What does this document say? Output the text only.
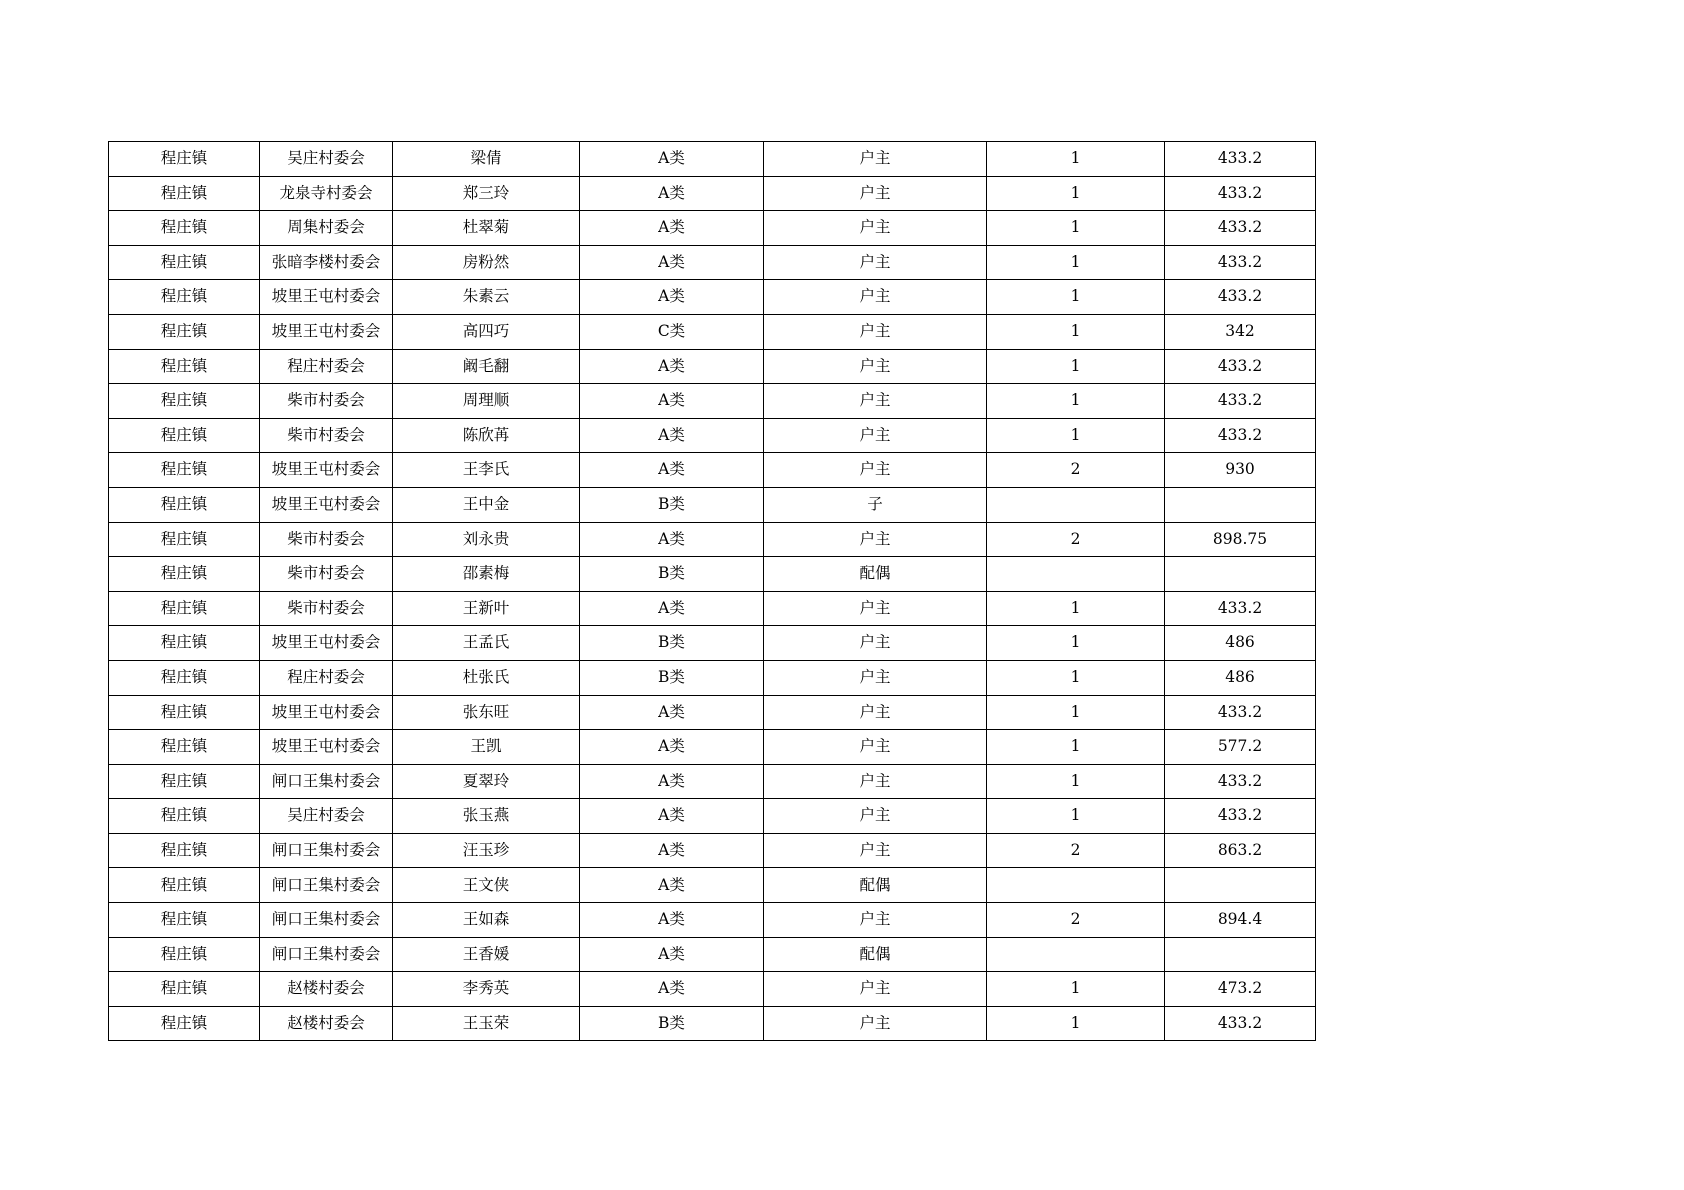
程庄镇	吴庄村委会	梁倩	A类	户主	1	433.2
程庄镇	龙泉寺村委会	郑三玲	A类	户主	1	433.2
程庄镇	周集村委会	杜翠菊	A类	户主	1	433.2
程庄镇	张暗李楼村委会	房粉然	A类	户主	1	433.2
程庄镇	坡里王屯村委会	朱素云	A类	户主	1	433.2
程庄镇	坡里王屯村委会	高四巧	C类	户主	1	342
程庄镇	程庄村委会	阚毛翻	A类	户主	1	433.2
程庄镇	柴市村委会	周理顺	A类	户主	1	433.2
程庄镇	柴市村委会	陈欣苒	A类	户主	1	433.2
程庄镇	坡里王屯村委会	王李氏	A类	户主	2	930
程庄镇	坡里王屯村委会	王中金	B类	子		
程庄镇	柴市村委会	刘永贵	A类	户主	2	898.75
程庄镇	柴市村委会	邵素梅	B类	配偶		
程庄镇	柴市村委会	王新叶	A类	户主	1	433.2
程庄镇	坡里王屯村委会	王孟氏	B类	户主	1	486
程庄镇	程庄村委会	杜张氏	B类	户主	1	486
程庄镇	坡里王屯村委会	张东旺	A类	户主	1	433.2
程庄镇	坡里王屯村委会	王凯	A类	户主	1	577.2
程庄镇	闸口王集村委会	夏翠玲	A类	户主	1	433.2
程庄镇	吴庄村委会	张玉燕	A类	户主	1	433.2
程庄镇	闸口王集村委会	汪玉珍	A类	户主	2	863.2
程庄镇	闸口王集村委会	王文侠	A类	配偶		
程庄镇	闸口王集村委会	王如森	A类	户主	2	894.4
程庄镇	闸口王集村委会	王香媛	A类	配偶		
程庄镇	赵楼村委会	李秀英	A类	户主	1	473.2
程庄镇	赵楼村委会	王玉荣	B类	户主	1	433.2
